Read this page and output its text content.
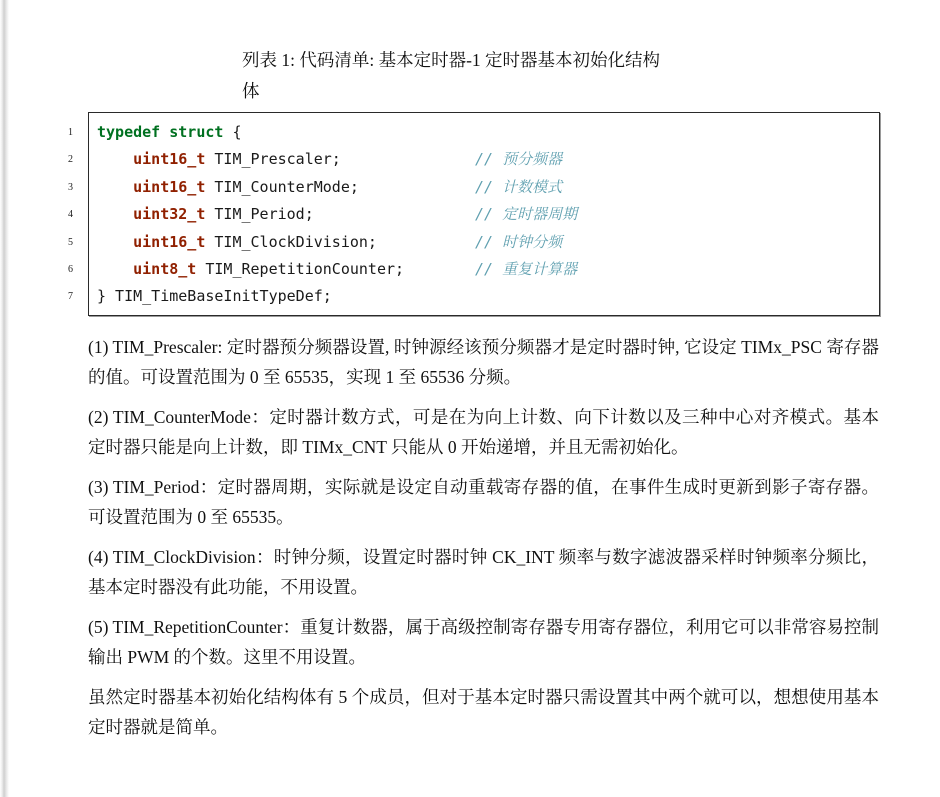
列表 1: 代码清单: 基本定时器-1 定时器基本初始化结构
体
1
2
3
4
5
6
7
typedef struct {
uint16_t TIM_Prescaler;	// 预分频器
uint16_t TIM_CounterMode;	// 计数模式
uint32_t TIM_Period;	// 定时器周期
uint16_t TIM_ClockDivision;	// 时钟分频
uint8_t TIM_RepetitionCounter;	// 重复计算器
} TIM_TimeBaseInitTypeDef;

(1) TIM_Prescaler: 定时器预分频器设置, 时钟源经该预分频器才是定时器时钟, 它设定 TIMx_PSC 寄存器的值。可设置范围为 0 至 65535，实现 1 至 65536 分频。

(2) TIM_CounterMode：定时器计数方式，可是在为向上计数、向下计数以及三种中心对齐模式。基本定时器只能是向上计数，即 TIMx_CNT 只能从 0 开始递增，并且无需初始化。

(3) TIM_Period：定时器周期，实际就是设定自动重载寄存器的值，在事件生成时更新到影子寄存器。可设置范围为 0 至 65535。

(4) TIM_ClockDivision：时钟分频，设置定时器时钟 CK_INT 频率与数字滤波器采样时钟频率分频比，基本定时器没有此功能，不用设置。

(5) TIM_RepetitionCounter：重复计数器，属于高级控制寄存器专用寄存器位，利用它可以非常容易控制输出 PWM 的个数。这里不用设置。

虽然定时器基本初始化结构体有 5 个成员，但对于基本定时器只需设置其中两个就可以，想想使用基本定时器就是简单。
